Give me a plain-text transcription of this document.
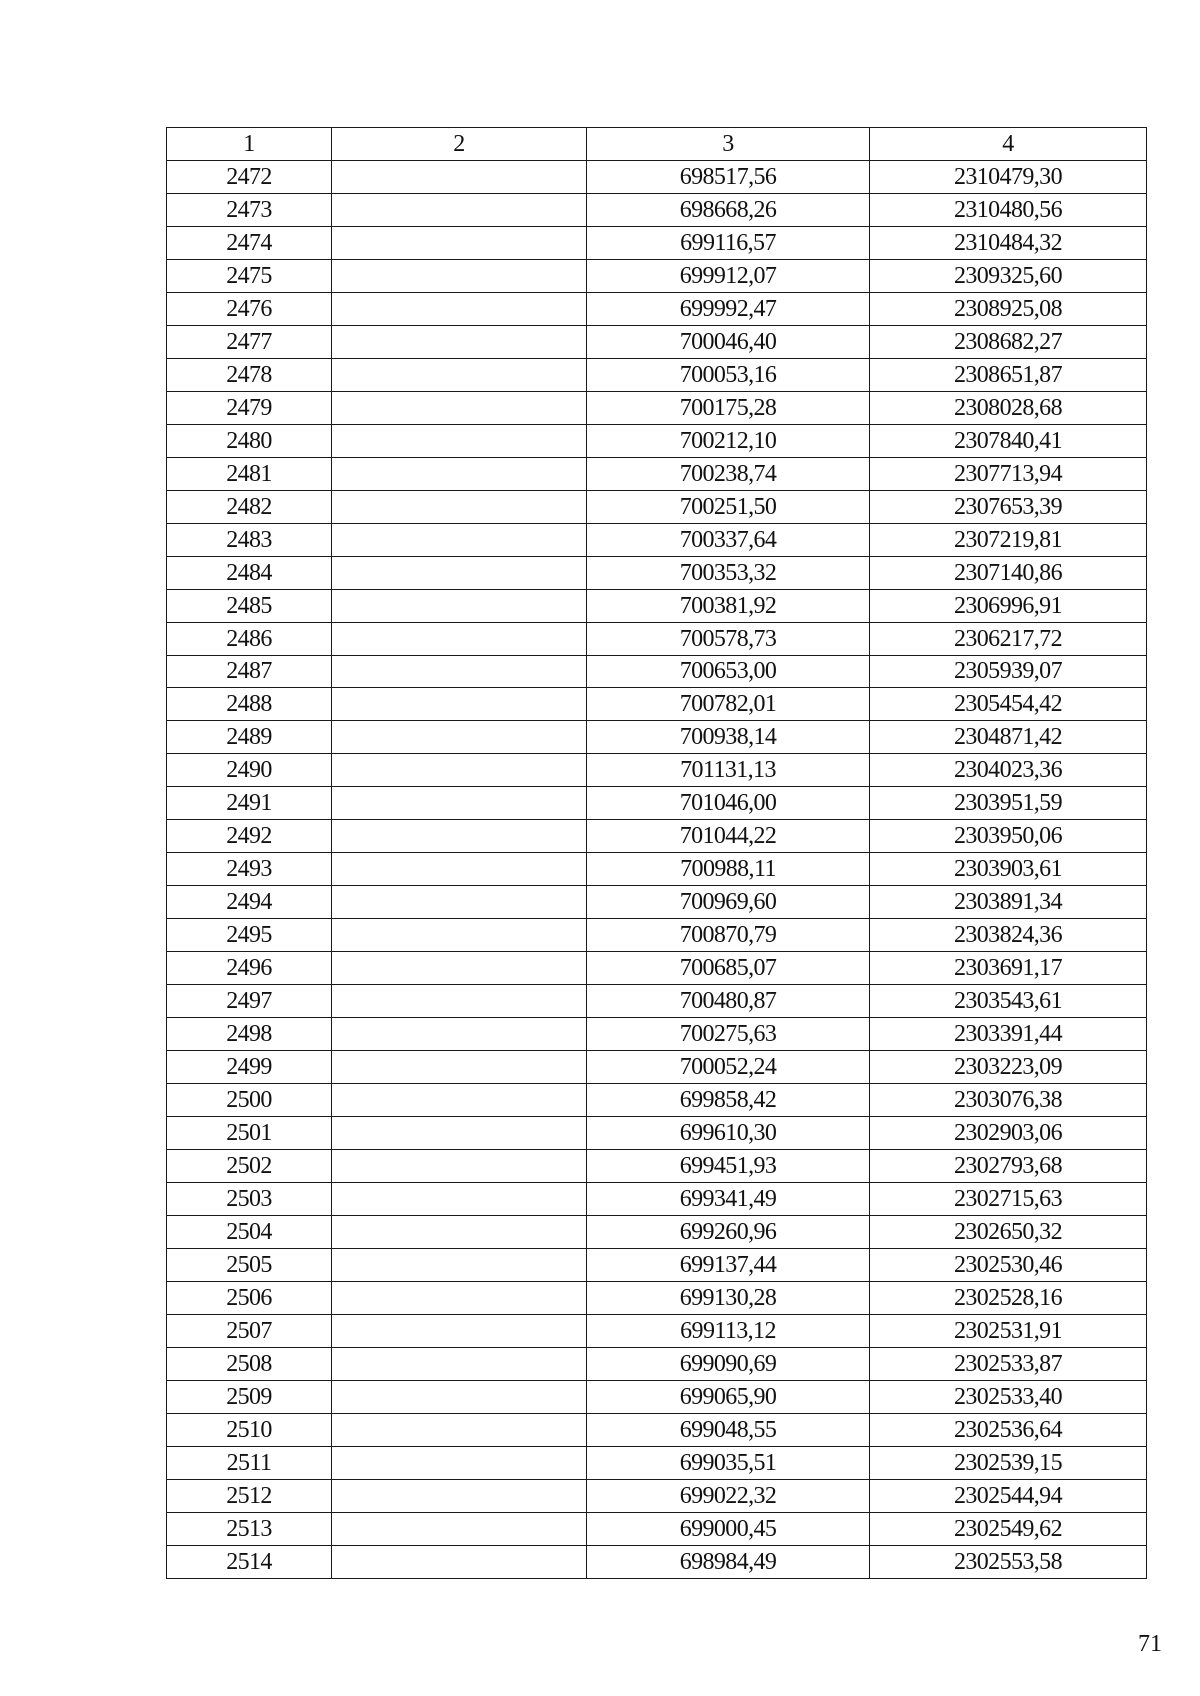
1	2	3	4
2472		698517,56	2310479,30
2473		698668,26	2310480,56
2474		699116,57	2310484,32
2475		699912,07	2309325,60
2476		699992,47	2308925,08
2477		700046,40	2308682,27
2478		700053,16	2308651,87
2479		700175,28	2308028,68
2480		700212,10	2307840,41
2481		700238,74	2307713,94
2482		700251,50	2307653,39
2483		700337,64	2307219,81
2484		700353,32	2307140,86
2485		700381,92	2306996,91
2486		700578,73	2306217,72
2487		700653,00	2305939,07
2488		700782,01	2305454,42
2489		700938,14	2304871,42
2490		701131,13	2304023,36
2491		701046,00	2303951,59
2492		701044,22	2303950,06
2493		700988,11	2303903,61
2494		700969,60	2303891,34
2495		700870,79	2303824,36
2496		700685,07	2303691,17
2497		700480,87	2303543,61
2498		700275,63	2303391,44
2499		700052,24	2303223,09
2500		699858,42	2303076,38
2501		699610,30	2302903,06
2502		699451,93	2302793,68
2503		699341,49	2302715,63
2504		699260,96	2302650,32
2505		699137,44	2302530,46
2506		699130,28	2302528,16
2507		699113,12	2302531,91
2508		699090,69	2302533,87
2509		699065,90	2302533,40
2510		699048,55	2302536,64
2511		699035,51	2302539,15
2512		699022,32	2302544,94
2513		699000,45	2302549,62
2514		698984,49	2302553,58
71
